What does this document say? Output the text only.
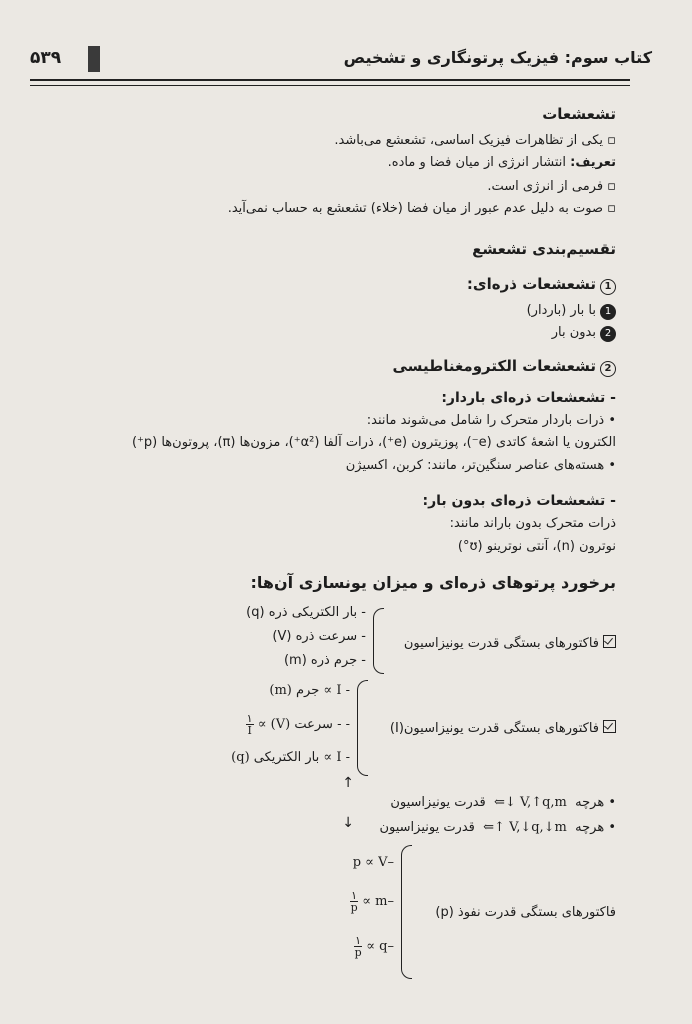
۵۳۹	کتاب سوم: فیزیک پرتونگاری و تشخیص
تشعشعات
▫ یکی از تظاهرات فیزیک اساسی، تشعشع می‌باشد.
تعریف: انتشار انرژی از میان فضا و ماده.
▫ فرمی از انرژی است.
▫ صوت به دلیل عدم عبور از میان فضا (خلاء) تشعشع به حساب نمی‌آید.
تقسیم‌بندی تشعشع
1تشعشعات ذره‌ای:
1با بار (باردار)
2بدون بار
2تشعشعات الکترومغناطیسی
- تشعشعات ذره‌ای باردار:
• ذرات باردار متحرک را شامل می‌شوند مانند:
الکترون یا اشعهٔ کاتدی (e⁻)، پوزیترون (e⁺)، ذرات آلفا (α²⁺)، مزون‌ها (π)، پروتون‌ها (p⁺)
• هسته‌های عناصر سنگین‌تر، مانند: کربن، اکسیژن
- تشعشعات ذره‌ای بدون بار:
ذرات متحرک بدون باراند مانند:
نوترون (n)، آنتی نوترینو (ʊ°)
برخورد پرتوهای ذره‌ای و میزان یونسازی آن‌ها:
فاکتورهای بستگی قدرت یونیزاسیون
- بار الکتریکی ذره (q)
- سرعت ذره (V)
- جرم ذره (m)
فاکتورهای بستگی قدرت یونیزاسیون(I)
- I ∝ جرم (m)
- - سرعت (V) ∝
$\frac{۱}{I}$
- I ∝ بار الکتریکی (q)
• هرچه  ⇐↓ V,↑q,m  قدرت یونیزاسیون
↑
• هرچه  ⇐↑ V,↓q,↓m  قدرت یونیزاسیون
↓
فاکتورهای بستگی قدرت نفوذ (p)
p ∝ V–
$\frac{۱}{p} \propto m-$
$\frac{۱}{p} \propto q-$
